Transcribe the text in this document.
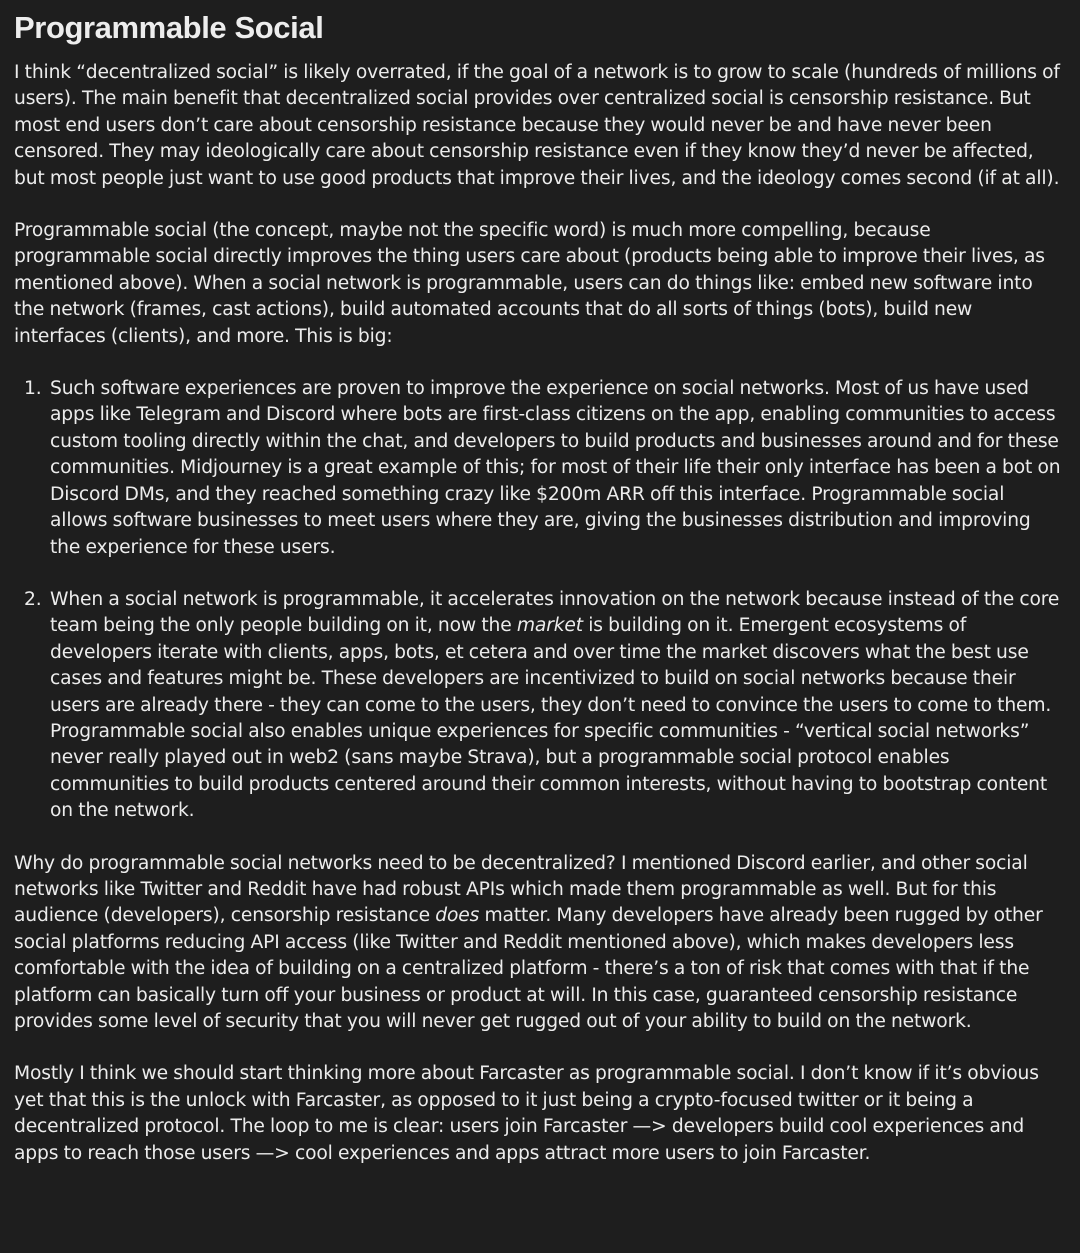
Programmable Social

I think “decentralized social” is likely overrated, if the goal of a network is to grow to scale (hundreds of millions of users). The main benefit that decentralized social provides over centralized social is censorship resistance. But most end users don’t care about censorship resistance because they would never be and have never been censored. They may ideologically care about censorship resistance even if they know they’d never be affected, but most people just want to use good products that improve their lives, and the ideology comes second (if at all).

Programmable social (the concept, maybe not the specific word) is much more compelling, because programmable social directly improves the thing users care about (products being able to improve their lives, as mentioned above). When a social network is programmable, users can do things like: embed new software into the network (frames, cast actions), build automated accounts that do all sorts of things (bots), build new interfaces (clients), and more. This is big:

1. Such software experiences are proven to improve the experience on social networks. Most of us have used apps like Telegram and Discord where bots are first-class citizens on the app, enabling communities to access custom tooling directly within the chat, and developers to build products and businesses around and for these communities. Midjourney is a great example of this; for most of their life their only interface has been a bot on Discord DMs, and they reached something crazy like $200m ARR off this interface. Programmable social allows software businesses to meet users where they are, giving the businesses distribution and improving the experience for these users.
2. When a social network is programmable, it accelerates innovation on the network because instead of the core team being the only people building on it, now the market is building on it. Emergent ecosystems of developers iterate with clients, apps, bots, et cetera and over time the market discovers what the best use cases and features might be. These developers are incentivized to build on social networks because their users are already there - they can come to the users, they don’t need to convince the users to come to them. Programmable social also enables unique experiences for specific communities - “vertical social networks” never really played out in web2 (sans maybe Strava), but a programmable social protocol enables communities to build products centered around their common interests, without having to bootstrap content on the network.

Why do programmable social networks need to be decentralized? I mentioned Discord earlier, and other social networks like Twitter and Reddit have had robust APIs which made them programmable as well. But for this audience (developers), censorship resistance does matter. Many developers have already been rugged by other social platforms reducing API access (like Twitter and Reddit mentioned above), which makes developers less comfortable with the idea of building on a centralized platform - there’s a ton of risk that comes with that if the platform can basically turn off your business or product at will. In this case, guaranteed censorship resistance provides some level of security that you will never get rugged out of your ability to build on the network.

Mostly I think we should start thinking more about Farcaster as programmable social. I don’t know if it’s obvious yet that this is the unlock with Farcaster, as opposed to it just being a crypto-focused twitter or it being a decentralized protocol. The loop to me is clear: users join Farcaster —> developers build cool experiences and apps to reach those users —> cool experiences and apps attract more users to join Farcaster.
